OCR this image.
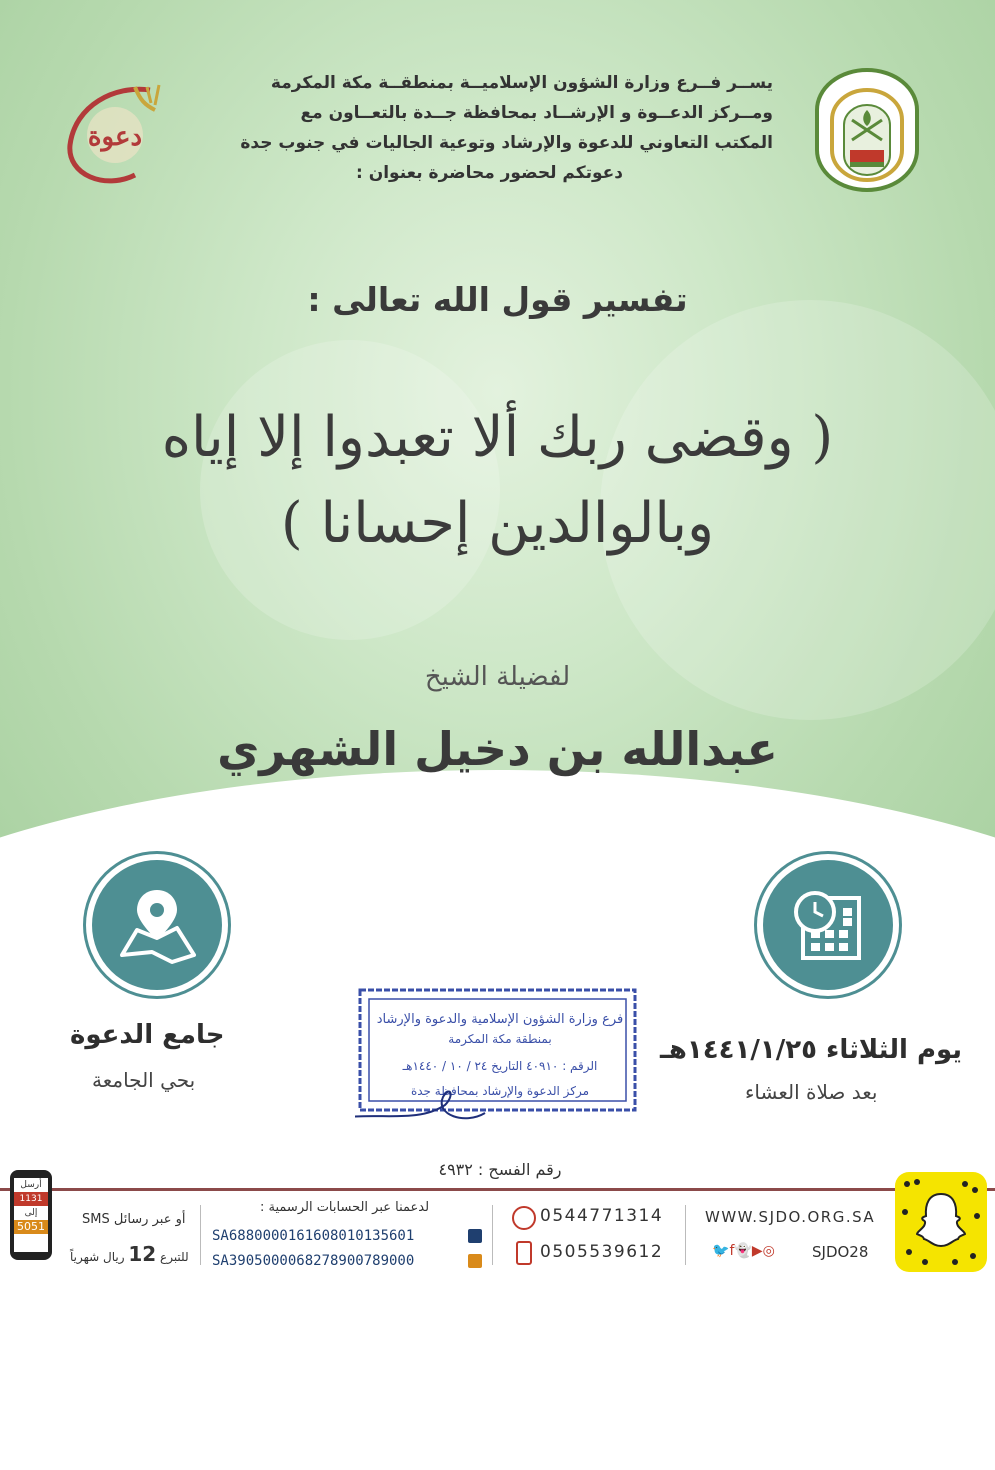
دعوة
يســر فــرع وزارة الشؤون الإسلاميــة بمنطقــة مكة المكرمة
ومــركز الدعــوة و الإرشــاد بمحافظة جــدة بالتعــاون مع
المكتب التعاوني للدعوة والإرشاد وتوعية الجاليات في جنوب جدة
دعوتكم لحضور محاضرة بعنوان :
تفسير قول الله تعالى :
( وقضى ربك ألا تعبدوا إلا إياه
وبالوالدين إحسانا )
لفضيلة الشيخ
عبدالله بن دخيل الشهري
جامع الدعوة
بحي الجامعة
يوم الثلاثاء ١٤٤١/١/٢٥هـ
بعد صلاة العشاء
فرع وزارة الشؤون الإسلامية والدعوة والإرشاد
بمنطقة مكة المكرمة
الرقم : ٤٠٩١٠ التاريخ ٢٤ / ١٠ / ١٤٤٠هـ
مركز الدعوة والإرشاد بمحافظة جدة
رقم الفسح : ٤٩٣٢
WWW.SJDO.ORG.SA
🐦f👻▶◎ SJDO28
0544771314
0505539612
لدعمنا عبر الحسابات الرسمية :
SA6880000161608010135601
SA3905000068278900789000
أو عبر رسائل SMS
للتبرع 12 ريال شهرياً
أرسل
1131
إلى
5051
